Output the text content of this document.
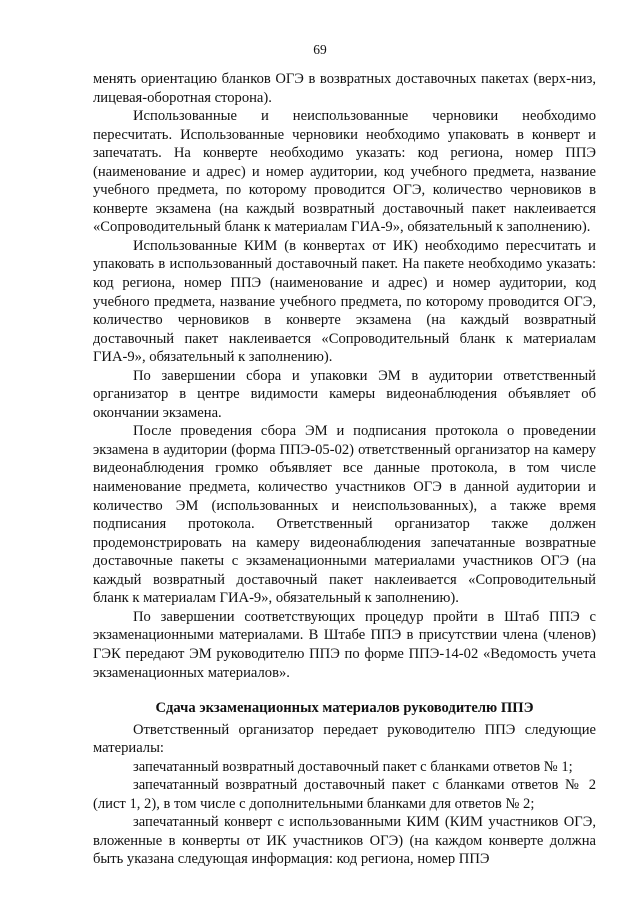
69

менять ориентацию бланков ОГЭ в возвратных доставочных пакетах (верх-низ, лицевая-оборотная сторона).

Использованные и неиспользованные черновики необходимо пересчитать. Использованные черновики необходимо упаковать в конверт и запечатать. На конверте необходимо указать: код региона, номер ППЭ (наименование и адрес) и номер аудитории, код учебного предмета, название учебного предмета, по которому проводится ОГЭ, количество черновиков в конверте экзамена (на каждый возвратный доставочный пакет наклеивается «Сопроводительный бланк к материалам ГИА-9», обязательный к заполнению).

Использованные КИМ (в конвертах от ИК) необходимо пересчитать и упаковать в использованный доставочный пакет. На пакете необходимо указать: код региона, номер ППЭ (наименование и адрес) и номер аудитории, код учебного предмета, название учебного предмета, по которому проводится ОГЭ, количество черновиков в конверте экзамена (на каждый возвратный доставочный пакет наклеивается «Сопроводительный бланк к материалам ГИА-9», обязательный к заполнению).

По завершении сбора и упаковки ЭМ в аудитории ответственный организатор в центре видимости камеры видеонаблюдения объявляет об окончании экзамена.

После проведения сбора ЭМ и подписания протокола о проведении экзамена в аудитории (форма ППЭ-05-02) ответственный организатор на камеру видеонаблюдения громко объявляет все данные протокола, в том числе наименование предмета, количество участников ОГЭ в данной аудитории и количество ЭМ (использованных и неиспользованных), а также время подписания протокола. Ответственный организатор также должен продемонстрировать на камеру видеонаблюдения запечатанные возвратные доставочные пакеты с экзаменационными материалами участников ОГЭ (на каждый возвратный доставочный пакет наклеивается «Сопроводительный бланк к материалам ГИА-9», обязательный к заполнению).

По завершении соответствующих процедур пройти в Штаб ППЭ с экзаменационными материалами. В Штабе ППЭ в присутствии члена (членов) ГЭК передают ЭМ руководителю ППЭ по форме ППЭ-14-02 «Ведомость учета экзаменационных материалов».

Сдача экзаменационных материалов руководителю ППЭ

Ответственный организатор передает руководителю ППЭ следующие материалы:

запечатанный возвратный доставочный пакет с бланками ответов № 1;

запечатанный возвратный доставочный пакет с бланками ответов № 2 (лист 1, 2), в том числе с дополнительными бланками для ответов № 2;

запечатанный конверт с использованными КИМ (КИМ участников ОГЭ, вложенные в конверты от ИК участников ОГЭ) (на каждом конверте должна быть указана следующая информация: код региона, номер ППЭ
